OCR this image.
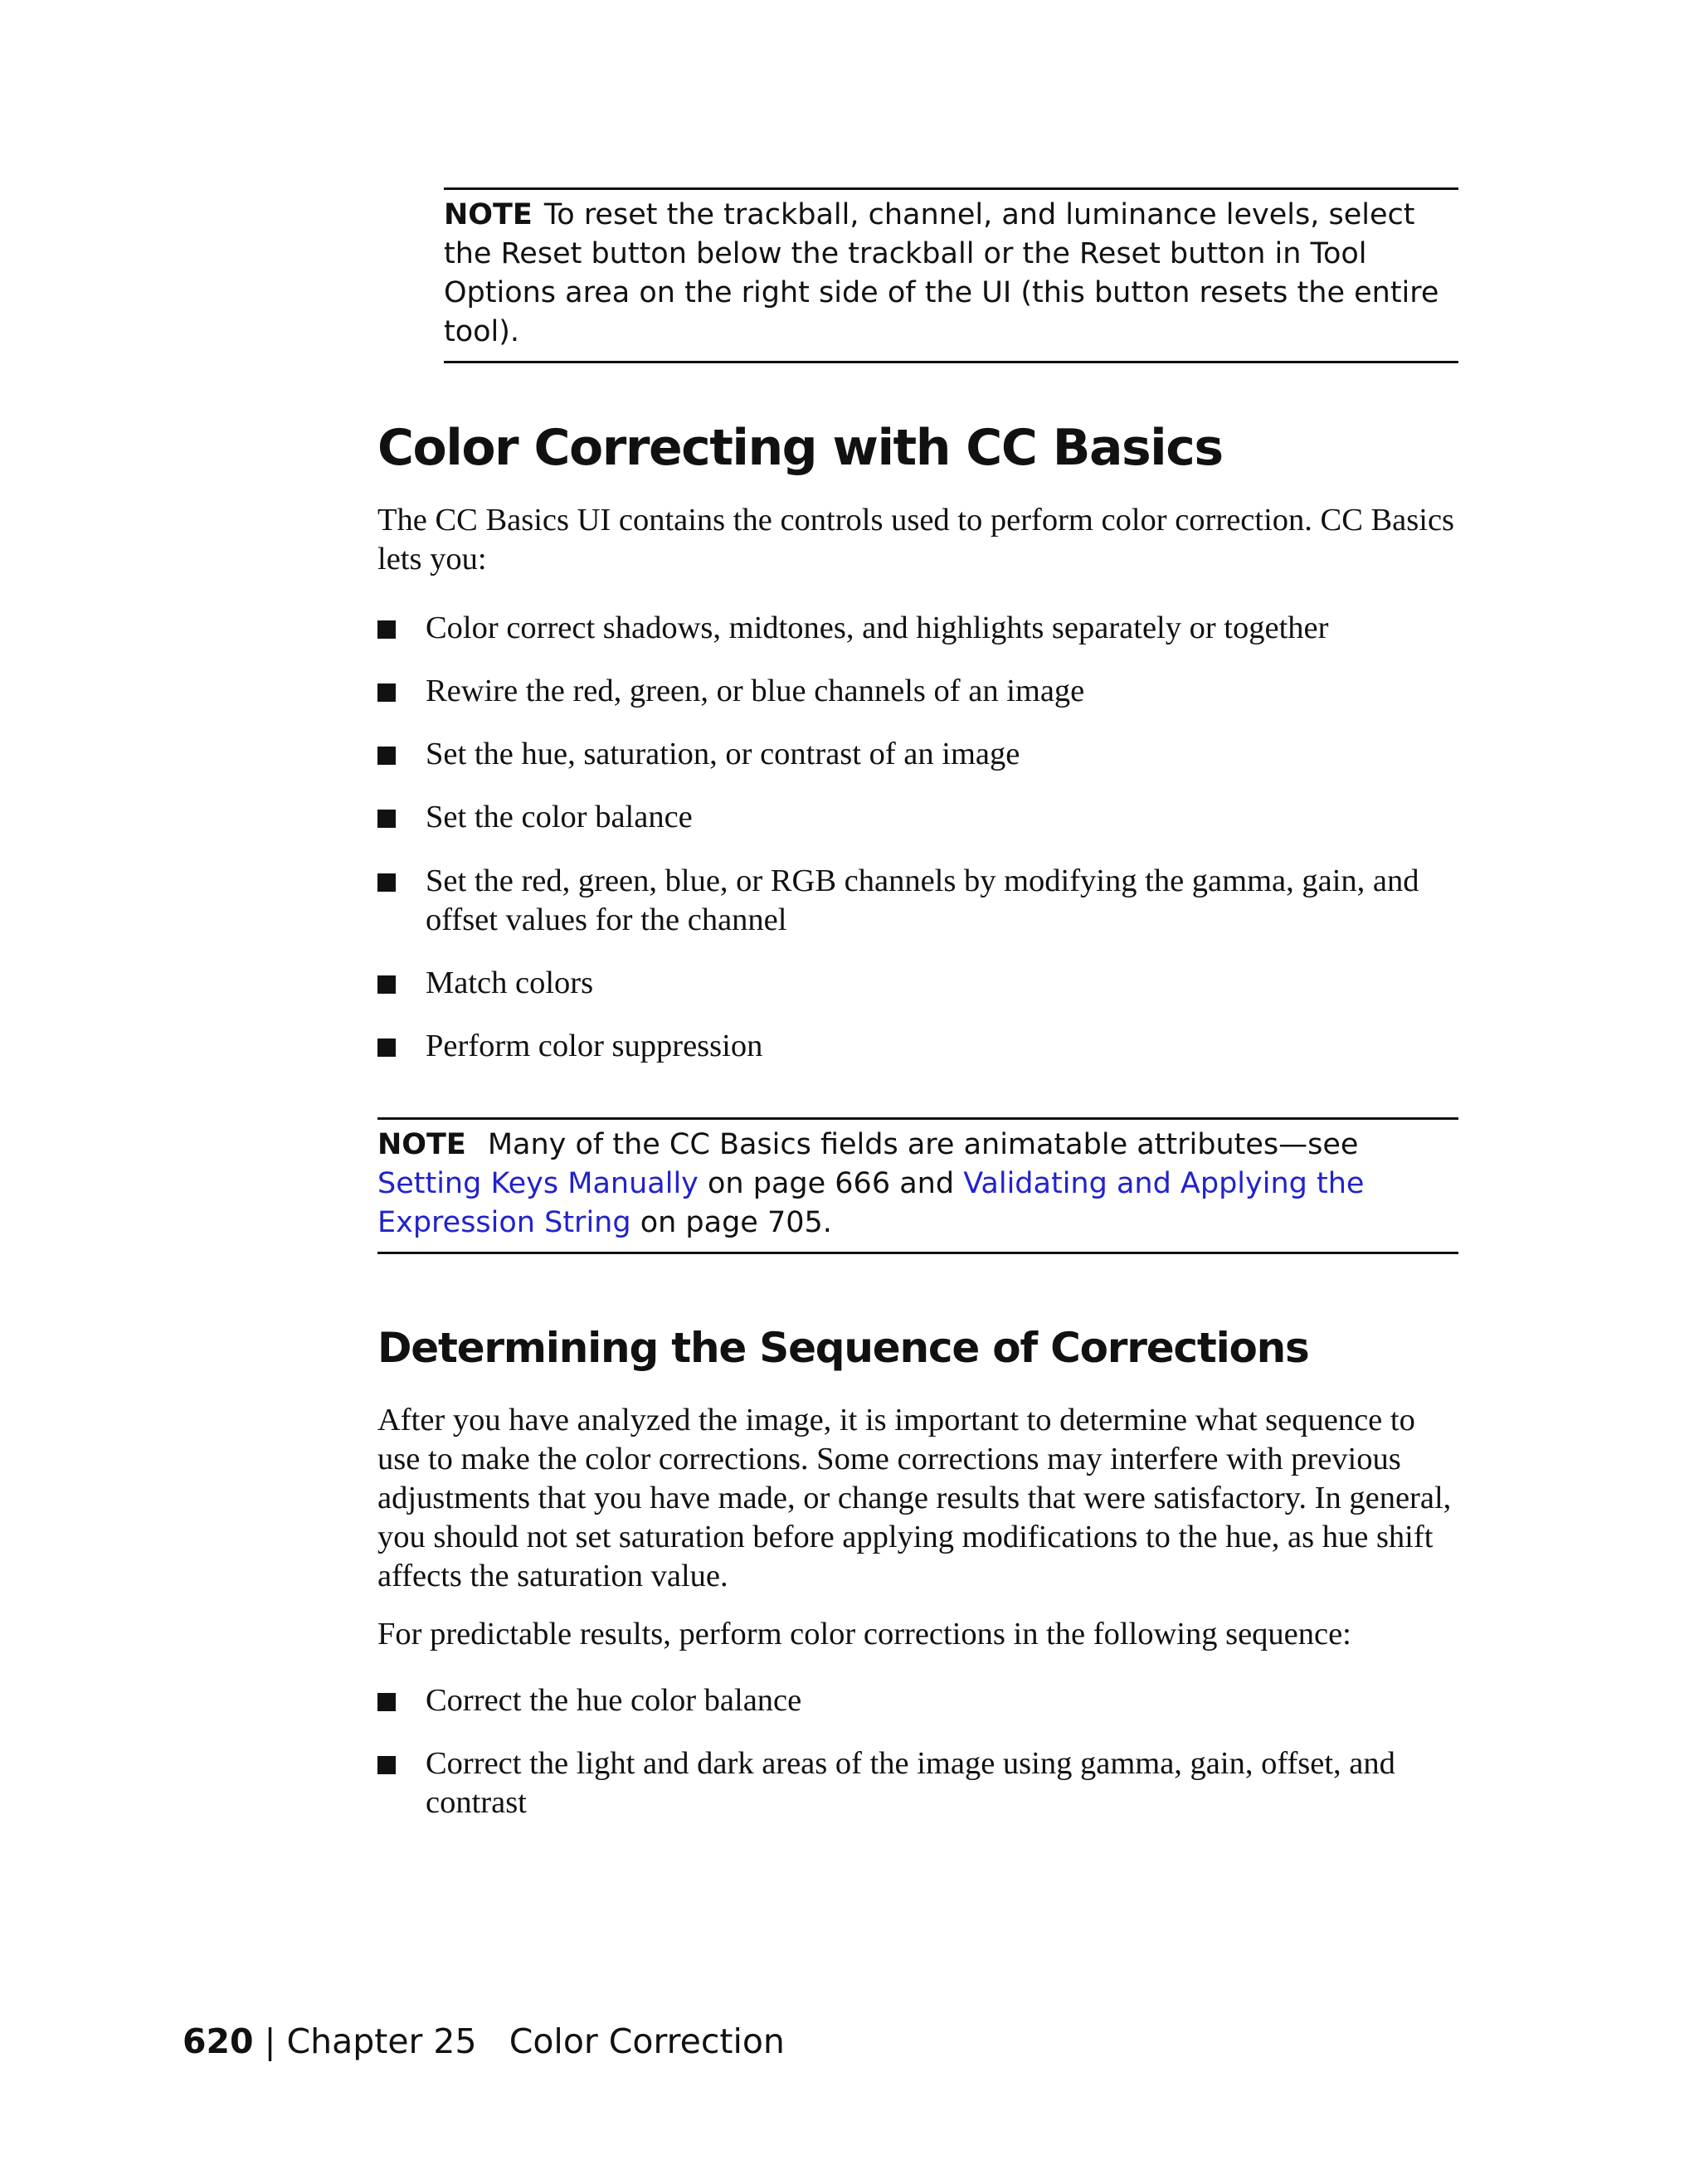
NOTE To reset the trackball, channel, and luminance levels, select the Reset button below the trackball or the Reset button in Tool Options area on the right side of the UI (this button resets the entire tool).
Color Correcting with CC Basics

The CC Basics UI contains the controls used to perform color correction. CC Basics lets you:

Color correct shadows, midtones, and highlights separately or together
Rewire the red, green, or blue channels of an image
Set the hue, saturation, or contrast of an image
Set the color balance
Set the red, green, blue, or RGB channels by modifying the gamma, gain, and offset values for the channel
Match colors
Perform color suppression
NOTE Many of the CC Basics fields are animatable attributes—see Setting Keys Manually on page 666 and Validating and Applying the Expression String on page 705.
Determining the Sequence of Corrections

After you have analyzed the image, it is important to determine what sequence to use to make the color corrections. Some corrections may interfere with previous adjustments that you have made, or change results that were satisfactory. In general, you should not set saturation before applying modifications to the hue, as hue shift affects the saturation value.

For predictable results, perform color corrections in the following sequence:

Correct the hue color balance
Correct the light and dark areas of the image using gamma, gain, offset, and contrast
620 | Chapter 25 Color Correction
